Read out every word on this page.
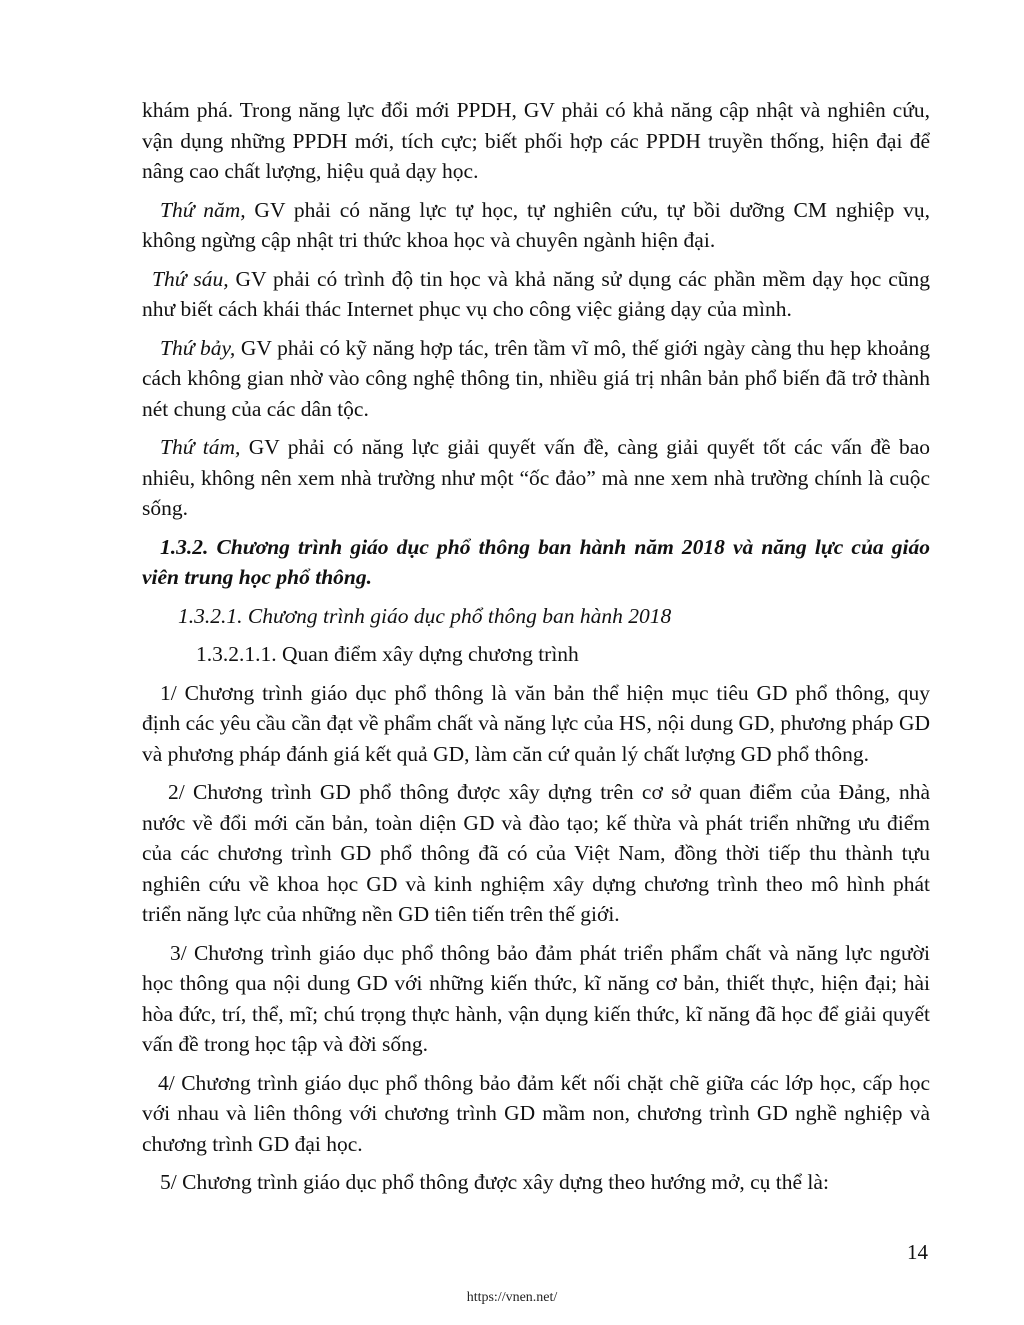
khám phá. Trong năng lực đổi mới PPDH, GV phải có khả năng cập nhật và nghiên cứu, vận dụng những PPDH mới, tích cực; biết phối hợp các PPDH truyền thống, hiện đại để nâng cao chất lượng, hiệu quả dạy học.

Thứ năm, GV phải có năng lực tự học, tự nghiên cứu, tự bồi dưỡng CM nghiệp vụ, không ngừng cập nhật tri thức khoa học và chuyên ngành hiện đại.

Thứ sáu, GV phải có trình độ tin học và khả năng sử dụng các phần mềm dạy học cũng như biết cách khái thác Internet phục vụ cho công việc giảng dạy của mình.

Thứ bảy, GV phải có kỹ năng hợp tác, trên tầm vĩ mô, thế giới ngày càng thu hẹp khoảng cách không gian nhờ vào công nghệ thông tin, nhiều giá trị nhân bản phổ biến đã trở thành nét chung của các dân tộc.

Thứ tám, GV phải có năng lực giải quyết vấn đề, càng giải quyết tốt các vấn đề bao nhiêu, không nên xem nhà trường như một “ốc đảo” mà nne xem nhà trường chính là cuộc sống.

1.3.2. Chương trình giáo dục phổ thông ban hành năm 2018 và năng lực của giáo viên trung học phổ thông.

1.3.2.1. Chương trình giáo dục phổ thông ban hành 2018

1.3.2.1.1. Quan điểm xây dựng chương trình

1/ Chương trình giáo dục phổ thông là văn bản thể hiện mục tiêu GD phổ thông, quy định các yêu cầu cần đạt về phẩm chất và năng lực của HS, nội dung GD, phương pháp GD và phương pháp đánh giá kết quả GD, làm căn cứ quản lý chất lượng GD phổ thông.

2/ Chương trình GD phổ thông được xây dựng trên cơ sở quan điểm của Đảng, nhà nước về đổi mới căn bản, toàn diện GD và đào tạo; kế thừa và phát triển những ưu điểm của các chương trình GD phổ thông đã có của Việt Nam, đồng thời tiếp thu thành tựu nghiên cứu về khoa học GD và kinh nghiệm xây dựng chương trình theo mô hình phát triển năng lực của những nền GD tiên tiến trên thế giới.

3/ Chương trình giáo dục phổ thông bảo đảm phát triển phẩm chất và năng lực người học thông qua nội dung GD với những kiến thức, kĩ năng cơ bản, thiết thực, hiện đại; hài hòa đức, trí, thể, mĩ; chú trọng thực hành, vận dụng kiến thức, kĩ năng đã học để giải quyết vấn đề trong học tập và đời sống.

4/ Chương trình giáo dục phổ thông bảo đảm kết nối chặt chẽ giữa các lớp học, cấp học với nhau và liên thông với chương trình GD mầm non, chương trình GD nghề nghiệp và chương trình GD đại học.

5/ Chương trình giáo dục phổ thông được xây dựng theo hướng mở, cụ thể là:

14
https://vnen.net/
